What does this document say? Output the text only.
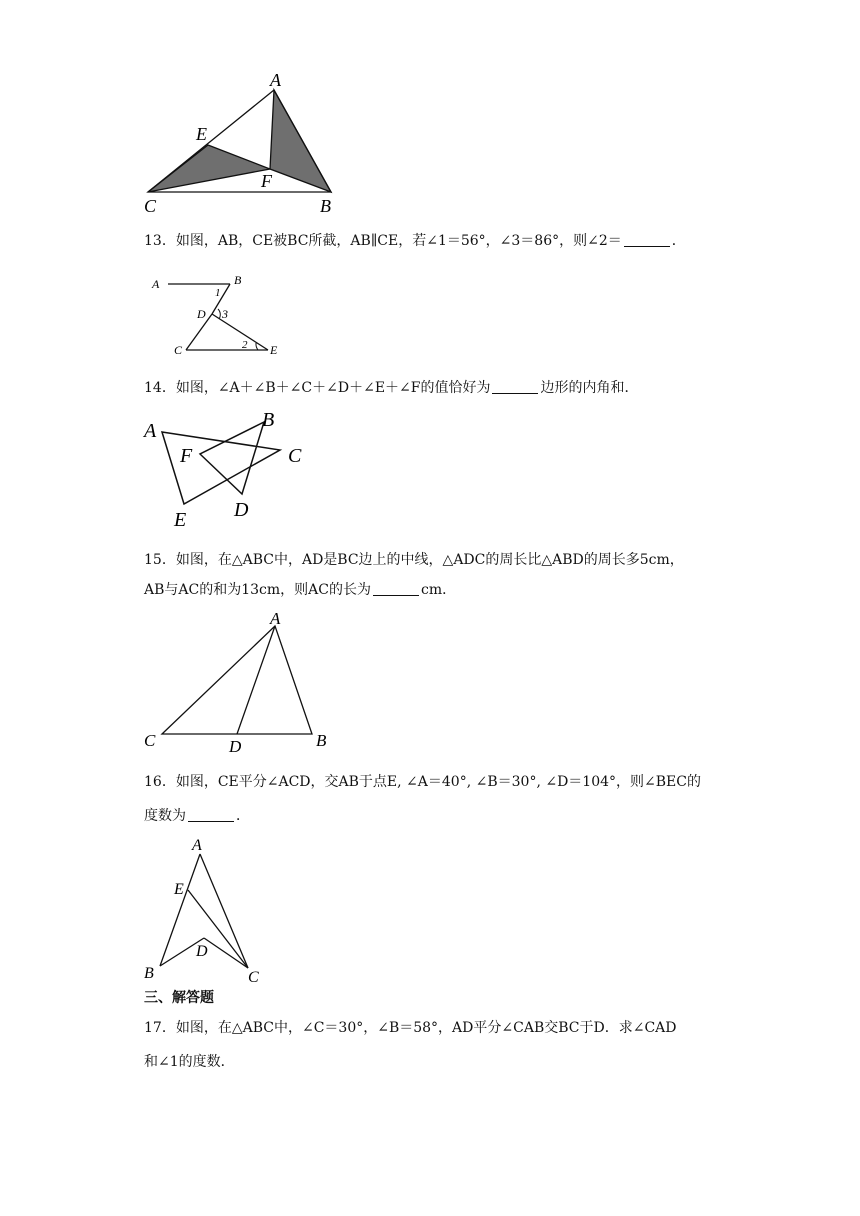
A
E
F
C	B
13．如图，AB，CE被BC所截，AB∥CE，若∠1＝56°，∠3＝86°，则∠2＝	．
A	B
1
D 3
C	2 E
14．如图，∠A＋∠B＋∠C＋∠D＋∠E＋∠F的值恰好为	边形的内角和．
A	B
C
F
D
E
15．如图，在△ABC中，AD是BC边上的中线，△ADC的周长比△ABD的周长多5cm，
AB与AC的和为13cm，则AC的长为	cm．
A
C	D	B
16．如图，CE平分∠ACD，交AB于点E, ∠A＝40°, ∠B＝30°, ∠D＝104°，则∠BEC的
度数为	．
A
E
D
B	C
三、解答题
17．如图，在△ABC中，∠C＝30°，∠B＝58°，AD平分∠CAB交BC于D．求∠CAD
和∠1的度数．
